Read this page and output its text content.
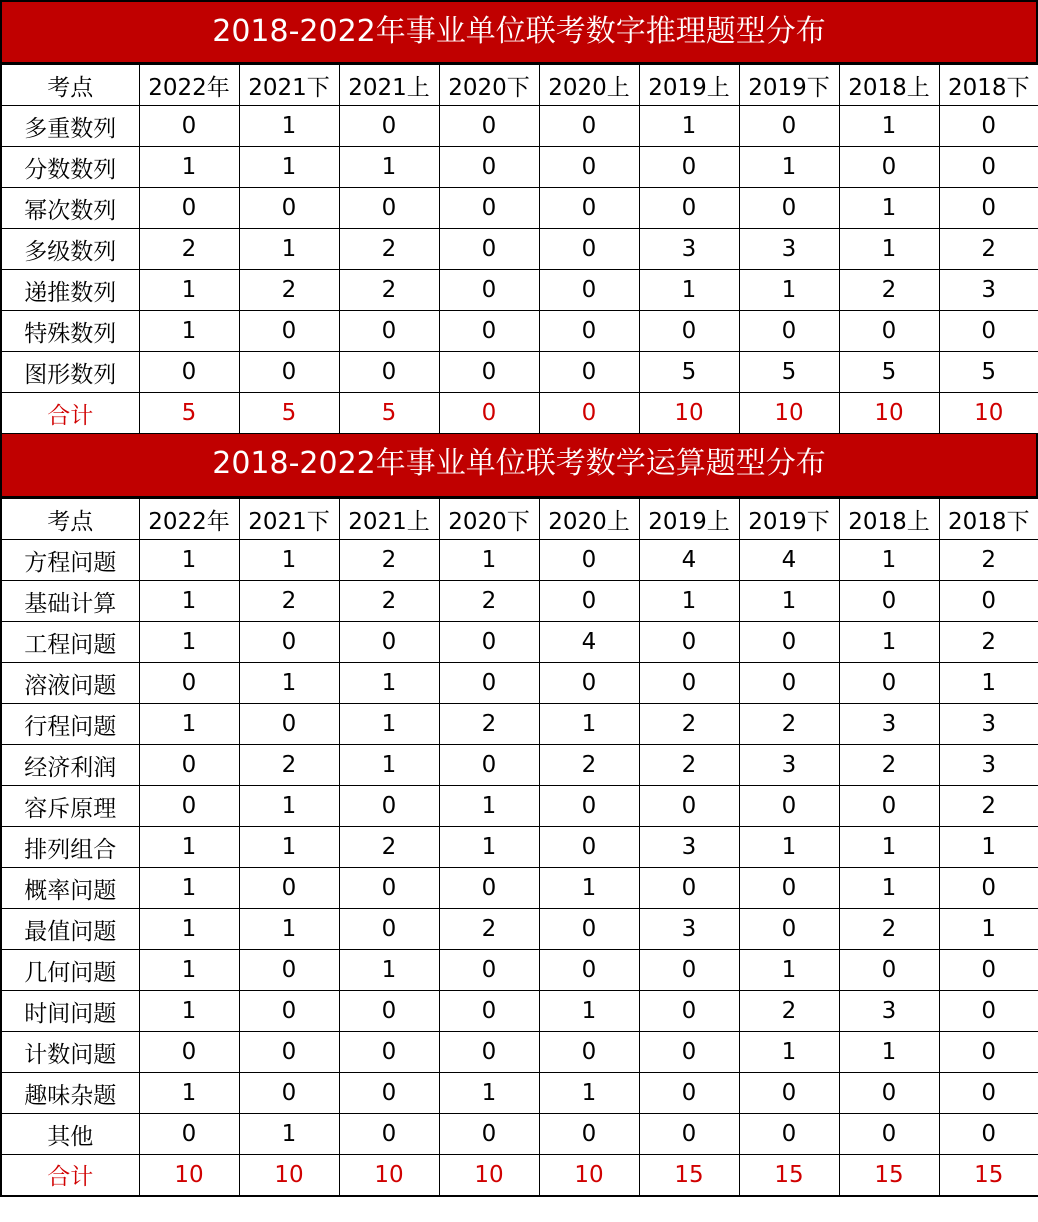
2018-2022年事业单位联考数字推理题型分布
考点	2022年	2021下	2021上	2020下	2020上	2019上	2019下	2018上	2018下
多重数列	0	1	0	0	0	1	0	1	0
分数数列	1	1	1	0	0	0	1	0	0
幂次数列	0	0	0	0	0	0	0	1	0
多级数列	2	1	2	0	0	3	3	1	2
递推数列	1	2	2	0	0	1	1	2	3
特殊数列	1	0	0	0	0	0	0	0	0
图形数列	0	0	0	0	0	5	5	5	5
合计	5	5	5	0	0	10	10	10	10
2018-2022年事业单位联考数学运算题型分布
考点	2022年	2021下	2021上	2020下	2020上	2019上	2019下	2018上	2018下
方程问题	1	1	2	1	0	4	4	1	2
基础计算	1	2	2	2	0	1	1	0	0
工程问题	1	0	0	0	4	0	0	1	2
溶液问题	0	1	1	0	0	0	0	0	1
行程问题	1	0	1	2	1	2	2	3	3
经济利润	0	2	1	0	2	2	3	2	3
容斥原理	0	1	0	1	0	0	0	0	2
排列组合	1	1	2	1	0	3	1	1	1
概率问题	1	0	0	0	1	0	0	1	0
最值问题	1	1	0	2	0	3	0	2	1
几何问题	1	0	1	0	0	0	1	0	0
时间问题	1	0	0	0	1	0	2	3	0
计数问题	0	0	0	0	0	0	1	1	0
趣味杂题	1	0	0	1	1	0	0	0	0
其他	0	1	0	0	0	0	0	0	0
合计	10	10	10	10	10	15	15	15	15
